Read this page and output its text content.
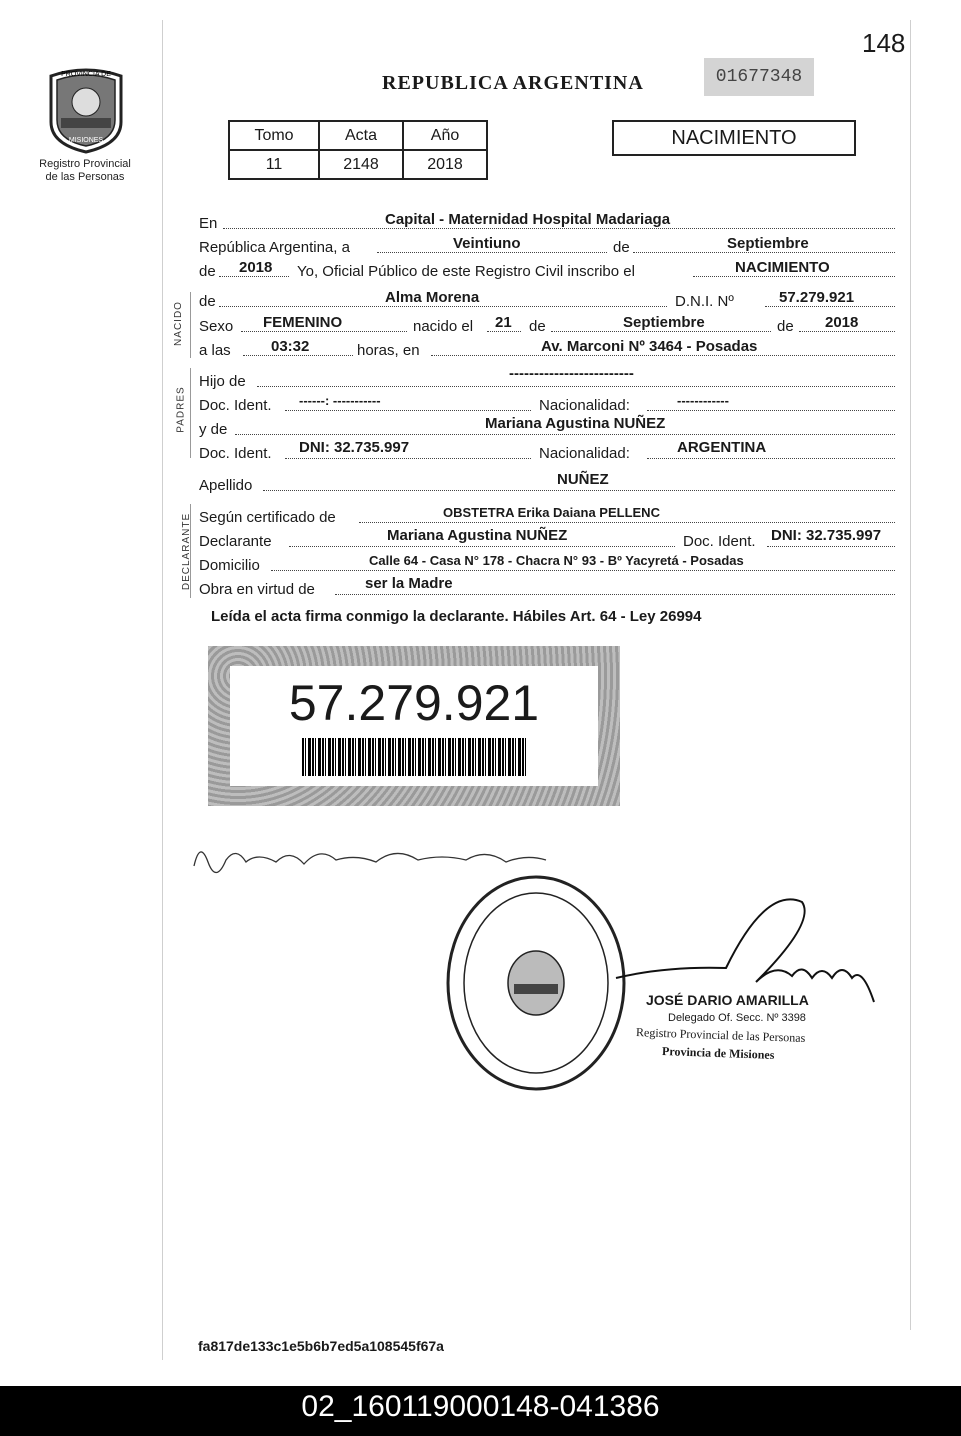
148
PROVINCIA DE
MISIONES
Registro Provincial
de las Personas
REPUBLICA ARGENTINA	01677348
Tomo	Acta	Año
11	2148	2018
NACIMIENTO
En	Capital - Maternidad Hospital Madariaga
República Argentina, a	Veintiuno	de	Septiembre
de 2018 Yo, Oficial Público de este Registro Civil inscribo el	NACIMIENTO
NACIDO de	Alma Morena	D.N.I. Nº	57.279.921
Sexo FEMENINO	nacido el 21 de	Septiembre	de 2018
a las	03:32	horas, en	Av. Marconi Nº 3464 - Posadas
PADRES
Hijo de	-------------------------
Doc. Ident. ------: -----------	Nacionalidad:	------------
y de	Mariana Agustina NUÑEZ
Doc. Ident. DNI: 32.735.997	Nacionalidad:	ARGENTINA
Apellido	NUÑEZ
DECLARANTE Según certificado de	OBSTETRA Erika Daiana PELLENC
Declarante	Mariana Agustina NUÑEZ	Doc. Ident. DNI: 32.735.997
Domicilio	Calle 64 - Casa N° 178 - Chacra N° 93 - Bº Yacyretá - Posadas
Obra en virtud de	ser la Madre
Leída el acta firma conmigo la declarante. Hábiles Art. 64 - Ley 26994
57.279.921
JOSÉ DARIO AMARILLA
Delegado Of. Secc. Nº 3398
Registro Provincial de las Personas
Provincia de Misiones
fa817de133c1e5b6b7ed5a108545f67a
02_160119000148-041386
